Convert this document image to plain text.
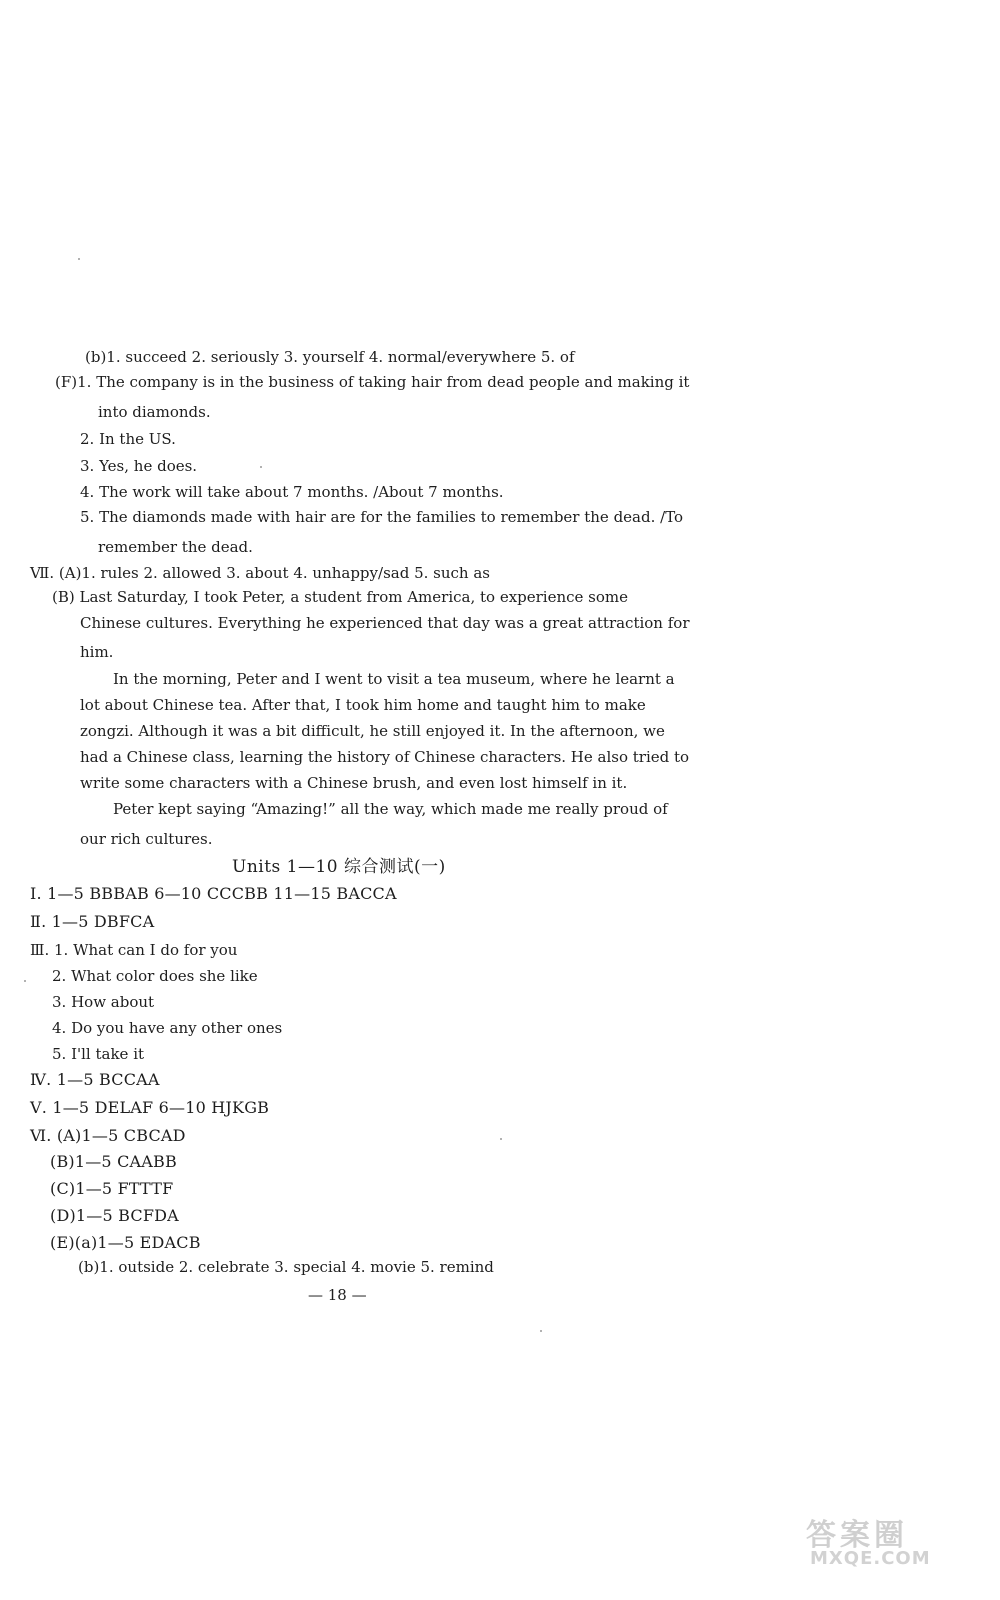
(b)1. succeed 2. seriously 3. yourself 4. normal/everywhere 5. of
(F)1. The company is in the business of taking hair from dead people and making it
into diamonds.
2. In the US.
3. Yes, he does.
4. The work will take about 7 months. /About 7 months.
5. The diamonds made with hair are for the families to remember the dead. /To
remember the dead.
Ⅶ. (A)1. rules 2. allowed 3. about 4. unhappy/sad 5. such as
(B) Last Saturday, I took Peter, a student from America, to experience some
Chinese cultures. Everything he experienced that day was a great attraction for
him.
In the morning, Peter and I went to visit a tea museum, where he learnt a
lot about Chinese tea. After that, I took him home and taught him to make
zongzi. Although it was a bit difficult, he still enjoyed it. In the afternoon, we
had a Chinese class, learning the history of Chinese characters. He also tried to
write some characters with a Chinese brush, and even lost himself in it.
Peter kept saying “Amazing!” all the way, which made me really proud of
our rich cultures.
Units 1—10 综合测试(一)
Ⅰ. 1—5 BBBAB 6—10 CCCBB 11—15 BACCA
Ⅱ. 1—5 DBFCA
Ⅲ. 1. What can I do for you
2. What color does she like
3. How about
4. Do you have any other ones
5. I'll take it
Ⅳ. 1—5 BCCAA
Ⅴ. 1—5 DELAF 6—10 HJKGB
Ⅵ. (A)1—5 CBCAD
(B)1—5 CAABB
(C)1—5 FTTTF
(D)1—5 BCFDA
(E)(a)1—5 EDACB
(b)1. outside 2. celebrate 3. special 4. movie 5. remind
— 18 —
答案圈
MXQE.COM
